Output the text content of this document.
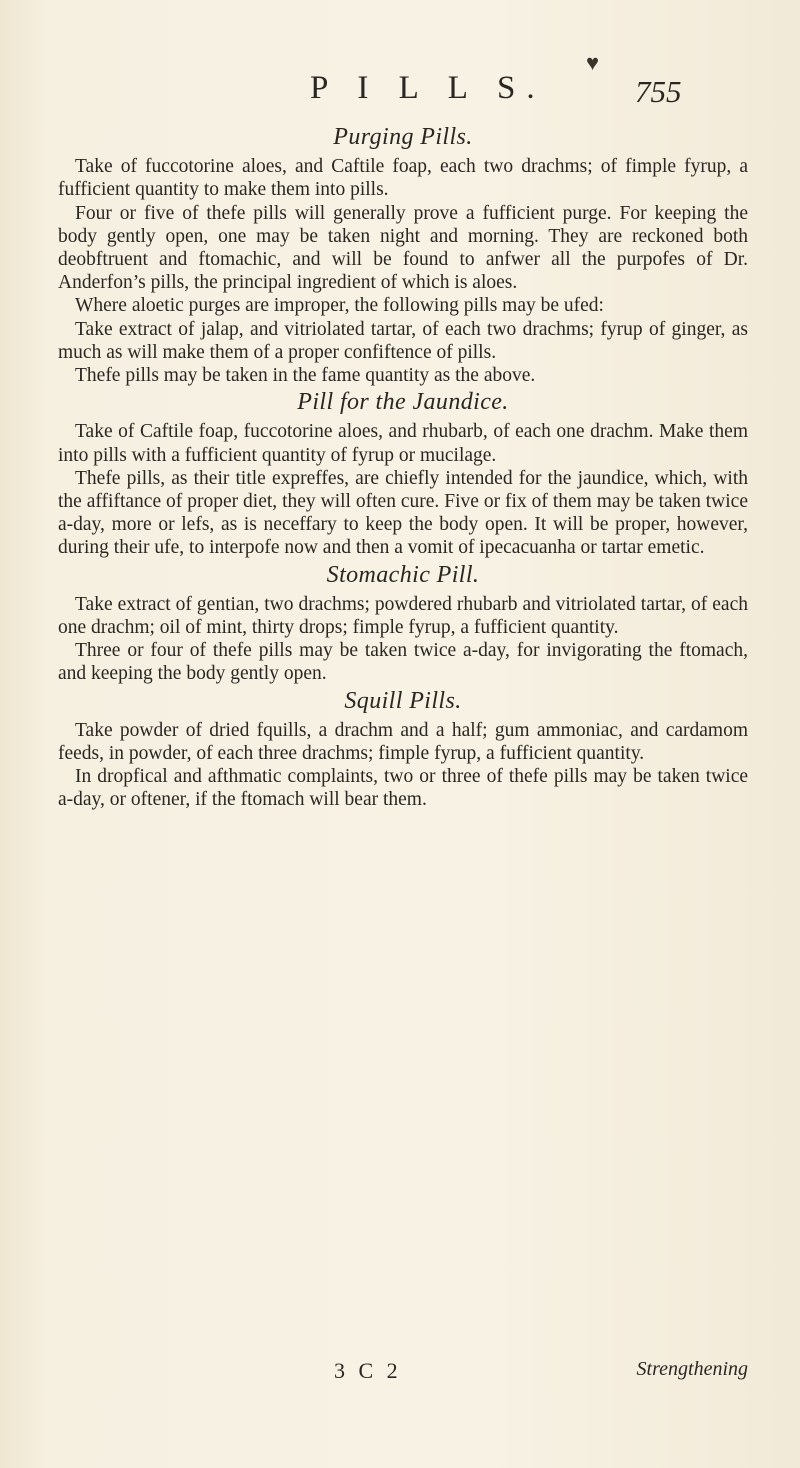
♥
P I L L S.	755
Purging Pills.

Take of fuccotorine aloes, and Caftile foap, each two drachms; of fimple fyrup, a fufficient quantity to make them into pills.

Four or five of thefe pills will generally prove a fufficient purge. For keeping the body gently open, one may be taken night and morning. They are reckoned both deobftruent and ftomachic, and will be found to anfwer all the purpofes of Dr. Anderfon’s pills, the principal ingredient of which is aloes.

Where aloetic purges are improper, the following pills may be ufed:

Take extract of jalap, and vitriolated tartar, of each two drachms; fyrup of ginger, as much as will make them of a proper confiftence of pills.

Thefe pills may be taken in the fame quantity as the above.

Pill for the Jaundice.

Take of Caftile foap, fuccotorine aloes, and rhubarb, of each one drachm. Make them into pills with a fufficient quantity of fyrup or mucilage.

Thefe pills, as their title expreffes, are chiefly intended for the jaundice, which, with the affiftance of proper diet, they will often cure. Five or fix of them may be taken twice a-day, more or lefs, as is neceffary to keep the body open. It will be proper, however, during their ufe, to interpofe now and then a vomit of ipecacuanha or tartar emetic.

Stomachic Pill.

Take extract of gentian, two drachms; powdered rhubarb and vitriolated tartar, of each one drachm; oil of mint, thirty drops; fimple fyrup, a fufficient quantity.

Three or four of thefe pills may be taken twice a-day, for invigorating the ftomach, and keeping the body gently open.

Squill Pills.

Take powder of dried fquills, a drachm and a half; gum ammoniac, and cardamom feeds, in powder, of each three drachms; fimple fyrup, a fufficient quantity.

In dropfical and afthmatic complaints, two or three of thefe pills may be taken twice a-day, or oftener, if the ftomach will bear them.

3 C 2	Strengthening
